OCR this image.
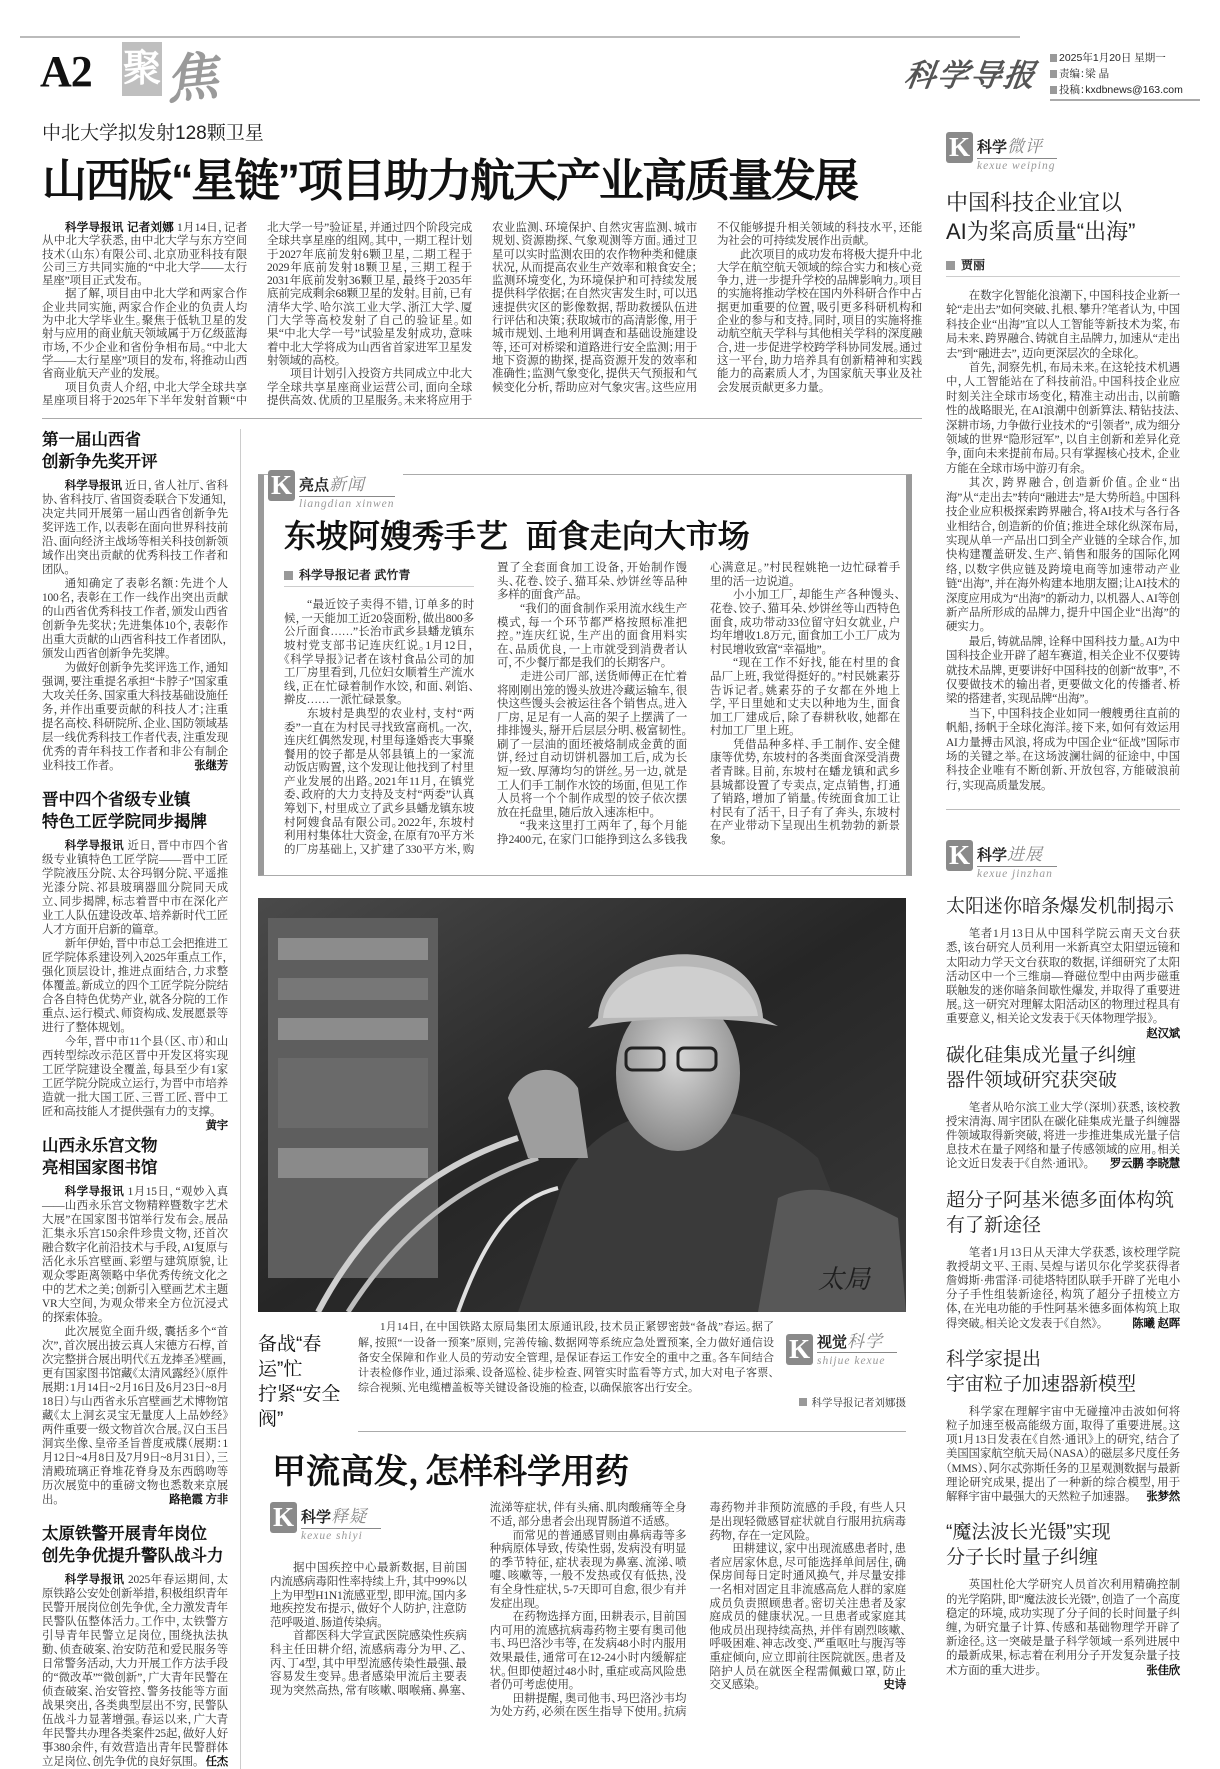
A2 聚 焦	科学导报	2025年1月20日 星期一
责编：梁 晶
投稿：kxdbnews@163.com
中北大学拟发射128颗卫星
山西版“星链”项目助力航天产业高质量发展

科学导报讯 记者刘娜 1月14日，记者从中北大学获悉，由中北大学与东方空间技术（山东）有限公司、北京劢亚科技有限公司三方共同实施的“中北大学——太行星座”项目正式发布。

据了解，项目由中北大学和两家合作企业共同实施，两家合作企业的负责人均为中北大学毕业生。聚焦于低轨卫星的发射与应用的商业航天领域属于万亿级蓝海市场，不少企业和省份争相布局。“中北大学——太行星座”项目的发布，将推动山西省商业航天产业的发展。

项目负责人介绍，中北大学全球共享星座项目将于2025年下半年发射首颗“中北大学一号”验证星，并通过四个阶段完成全球共享星座的组网。其中，一期工程计划于2027年底前发射6颗卫星，二期工程于2029年底前发射18颗卫星，三期工程于2031年底前发射36颗卫星，最终于2035年底前完成剩余68颗卫星的发射。目前，已有清华大学、哈尔滨工业大学、浙江大学、厦门大学等高校发射了自己的验证星。如果“中北大学一号”试验星发射成功，意味着中北大学将成为山西省首家进军卫星发射领域的高校。

项目计划引入投资方共同成立中北大学全球共享星座商业运营公司，面向全球提供高效、优质的卫星服务。未来将应用于农业监测、环境保护、自然灾害监测、城市规划、资源勘探、气象观测等方面。通过卫星可以实时监测农田的农作物种类和健康状况，从而提高农业生产效率和粮食安全；监测环境变化，为环境保护和可持续发展提供科学依据；在自然灾害发生时，可以迅速提供灾区的影像数据，帮助救援队伍进行评估和决策；获取城市的高清影像，用于城市规划、土地利用调查和基础设施建设等，还可对桥梁和道路进行安全监测；用于地下资源的勘探，提高资源开发的效率和准确性；监测气象变化，提供天气预报和气候变化分析，帮助应对气象灾害。这些应用不仅能够提升相关领域的科技水平，还能为社会的可持续发展作出贡献。

此次项目的成功发布将极大提升中北大学在航空航天领域的综合实力和核心竞争力，进一步提升学校的品牌影响力。项目的实施将推动学校在国内外科研合作中占据更加重要的位置，吸引更多科研机构和企业的参与和支持。同时，项目的实施将推动航空航天学科与其他相关学科的深度融合，进一步促进学校跨学科协同发展。通过这一平台，助力培养具有创新精神和实践能力的高素质人才，为国家航天事业及社会发展贡献更多力量。

第一届山西省
创新争先奖开评

科学导报讯 近日，省人社厅、省科协、省科技厅、省国资委联合下发通知，决定共同开展第一届山西省创新争先奖评选工作，以表彰在面向世界科技前沿、面向经济主战场等相关科技创新领域作出突出贡献的优秀科技工作者和团队。

通知确定了表彰名额：先进个人100名，表彰在工作一线作出突出贡献的山西省优秀科技工作者，颁发山西省创新争先奖状；先进集体10个，表彰作出重大贡献的山西省科技工作者团队，颁发山西省创新争先奖牌。

为做好创新争先奖评选工作，通知强调，要注重提名承担“卡脖子”国家重大攻关任务、国家重大科技基础设施任务，并作出重要贡献的科技人才；注重提名高校、科研院所、企业、国防领域基层一线优秀科技工作者代表，注重发现优秀的青年科技工作者和非公有制企业科技工作者。	张继芳

晋中四个省级专业镇
特色工匠学院同步揭牌

科学导报讯 近日，晋中市四个省级专业镇特色工匠学院——晋中工匠学院液压分院、太谷玛钢分院、平遥推光漆分院、祁县玻璃器皿分院同天成立、同步揭牌，标志着晋中市在深化产业工人队伍建设改革、培养新时代工匠人才方面开启新的篇章。

新年伊始，晋中市总工会把推进工匠学院体系建设列入2025年重点工作，强化顶层设计，推进点面结合，力求整体覆盖。新成立的四个工匠学院分院结合各自特色优势产业，就各分院的工作重点、运行模式、师资构成、发展愿景等进行了整体规划。

今年，晋中市11个县（区、市）和山西转型综改示范区晋中开发区将实现工匠学院建设全覆盖，每县至少有1家工匠学院分院成立运行，为晋中市培养造就一批大国工匠、三晋工匠、晋中工匠和高技能人才提供强有力的支撑。
黄宇

山西永乐宫文物
亮相国家图书馆

科学导报讯 1月15日，“观妙入真——山西永乐宫文物精粹暨数字艺术大展”在国家图书馆举行发布会。展品汇集永乐宫150余件珍贵文物，还首次融合数字化前沿技术与手段，AI复原与活化永乐宫壁画、彩塑与建筑原貌，让观众零距离领略中华优秀传统文化之中的艺术之美；创新引入壁画艺术主题VR大空间，为观众带来全方位沉浸式的探索体验。

此次展览全面升级，囊括多个“首次”，首次展出披云真人宋德方石椁，首次完整拼合展出明代《五龙捧圣》壁画，更有国家图书馆藏《太清风露经》（原件展期：1月14日~2月16日及6月23日~8月18日）与山西省永乐宫壁画艺术博物馆藏《太上洞玄灵宝无量度人上品妙经》两件重要一级文物首次合展。汉白玉吕洞宾坐像、皇帝圣旨普度戒牒（展期：1月12日~4月8日及7月9日~8月31日），三清殿琉璃正脊堆花脊身及东西鸱吻等历次展览中的重磅文物也悉数来京展出。	路艳霞 方非

太原铁警开展青年岗位
创先争优提升警队战斗力

科学导报讯 2025年春运期间，太原铁路公安处创新举措，积极组织青年民警开展岗位创先争优，全力激发青年民警队伍整体活力。工作中，太铁警方引导青年民警立足岗位，围绕执法执勤、侦查破案、治安防范和爱民服务等日常警务活动，大力开展工作方法手段的“微改革”“微创新”，广大青年民警在侦查破案、治安管控、警务技能等方面战果突出，各类典型层出不穷，民警队伍战斗力显著增强。春运以来，广大青年民警共办理各类案件25起，做好人好事380余件，有效营造出青年民警群体立足岗位、创先争优的良好氛围。 任杰

K 亮点新闻
liangdian xinwen
东坡阿嫂秀手艺  面食走向大市场
科学导报记者 武竹青

“最近饺子卖得不错，订单多的时候，一天能加工近20袋面粉，做出800多公斤面食……”长治市武乡县蟠龙镇东坡村党支部书记连庆红说。1月12日，《科学导报》记者在该村食品公司的加工厂房里看到，几位妇女顺着生产流水线，正在忙碌着制作水饺，和面、剁馅、擀皮……一派忙碌景象。

东坡村是典型的农业村，支村“两委”一直在为村民寻找致富商机。一次，连庆红偶然发现，村里每逢婚丧大事聚餐用的饺子都是从邻县镇上的一家流动饭店购置，这个发现让他找到了村里产业发展的出路。2021年11月，在镇党委、政府的大力支持及支村“两委”认真筹划下，村里成立了武乡县蟠龙镇东坡村阿嫂食品有限公司。2022年，东坡村利用村集体壮大资金，在原有70平方米的厂房基础上，又扩建了330平方米，购置了全套面食加工设备，开始制作馒头、花卷、饺子、猫耳朵、炒饼丝等品种多样的面食产品。

“我们的面食制作采用流水线生产模式，每一个环节都严格按照标准把控。”连庆红说，生产出的面食用料实在、品质优良，一上市就受到消费者认可，不少餐厅都是我们的长期客户。

走进公司厂部，送货师傅正在忙着将刚刚出笼的馒头放进冷藏运输车，很快这些馒头会被运往各个销售点。进入厂房，足足有一人高的架子上摆满了一排排馒头，掰开后层层分明、极富韧性。刷了一层油的面坯被烙制成金黄的面饼，经过自动切饼机器加工后，成为长短一致、厚薄均匀的饼丝。另一边，就是工人们手工制作水饺的场面，但见工作人员将一个个制作成型的饺子依次摆放在托盘里，随后放入速冻柜中。

“我来这里打工两年了，每个月能挣2400元，在家门口能挣到这么多钱我心满意足。”村民程姚艳一边忙碌着手里的活一边说道。

小小加工厂，却能生产各种馒头、花卷、饺子、猫耳朵、炒饼丝等山西特色面食，成功带动33位留守妇女就业，户均年增收1.8万元，面食加工小工厂成为村民增收致富“幸福地”。

“现在工作不好找，能在村里的食品厂上班，我觉得挺好的。”村民姚素芬告诉记者。姚素芬的子女都在外地上学，平日里她和丈夫以种地为生，面食加工厂建成后，除了春耕秋收，她都在村加工厂里上班。

凭借品种多样、手工制作、安全健康等优势，东坡村的各类面食深受消费者青睐。目前，东坡村在蟠龙镇和武乡县城都设置了专卖点，定点销售，打通了销路，增加了销量。传统面食加工让村民有了活干，日子有了奔头，东坡村在产业带动下呈现出生机勃勃的新景象。

太局
备战“春运”忙
拧紧“安全阀”
K 视觉科学
shijue kexue

1月14日，在中国铁路太原局集团太原通讯段，技术员正紧锣密鼓“备战”春运。据了解，按照“一设备一预案”原则，完善传输、数据网等系统应急处置预案，全力做好通信设备安全保障和作业人员的劳动安全管理，是保证春运工作安全的重中之重。各车间结合计表检修作业，通过添乘、设备巡检、徒步检查、网管实时监看等方式，加大对电子客票、综合视频、光电缆槽盖板等关键设备设施的检查，以确保旅客出行安全。

科学导报记者刘娜摄
甲流高发，怎样科学用药
K 科学释疑
kexue shiyi

据中国疾控中心最新数据，目前国内流感病毒阳性率持续上升，其中99%以上为甲型H1N1流感亚型，即甲流。国内多地疾控发布提示，做好个人防护，注意防范呼吸道、肠道传染病。

首都医科大学宣武医院感染性疾病科主任田耕介绍，流感病毒分为甲、乙、丙、丁4型，其中甲型流感传染性最强、最容易发生变异。患者感染甲流后主要表现为突然高热，常有咳嗽、咽喉痛、鼻塞、流涕等症状，伴有头痛、肌肉酸痛等全身不适，部分患者会出现胃肠道不适感。

而常见的普通感冒则由鼻病毒等多种病原体导致，传染性弱，发病没有明显的季节特征，症状表现为鼻塞、流涕、喷嚏、咳嗽等，一般不发热或仅有低热，没有全身性症状，5-7天即可自愈，很少有并发症出现。

在药物选择方面，田耕表示，目前国内可用的流感抗病毒药物主要有奥司他韦、玛巴洛沙韦等，在发病48小时内服用效果最佳，通常可在12-24小时内缓解症状。但即使超过48小时，重症或高风险患者仍可考虑使用。

田耕提醒，奥司他韦、玛巴洛沙韦均为处方药，必须在医生指导下使用。抗病毒药物并非预防流感的手段，有些人只是出现轻微感冒症状就自行服用抗病毒药物，存在一定风险。

田耕建议，家中出现流感患者时，患者应居家休息，尽可能选择单间居住，确保房间每日定时通风换气，并尽量安排一名相对固定且非流感高危人群的家庭成员负责照顾患者。密切关注患者及家庭成员的健康状况。一旦患者或家庭其他成员出现持续高热，并伴有剧烈咳嗽、呼吸困难、神志改变、严重呕吐与腹泻等重症倾向，应立即前往医院就医。患者及陪护人员在就医全程需佩戴口罩，防止交叉感染。	史诗

K 科学微评
kexue weiping
中国科技企业宜以
AI为桨高质量“出海”
贾丽

在数字化智能化浪潮下，中国科技企业新一轮“走出去”如何突破、扎根、攀升？笔者认为，中国科技企业“出海”宜以人工智能等新技术为桨，布局未来、跨界融合、铸就自主品牌力，加速从“走出去”到“融进去”，迈向更深层次的全球化。

首先，洞察先机，布局未来。在这轮技术机遇中，人工智能站在了科技前沿。中国科技企业应时刻关注全球市场变化，精准主动出击，以前瞻性的战略眼光，在AI浪潮中创新算法、精钻技法、深耕市场，力争做行业技术的“引领者”，成为细分领域的世界“隐形冠军”，以自主创新和差异化竞争，面向未来提前布局。只有掌握核心技术，企业方能在全球市场中游刃有余。

其次，跨界融合，创造新价值。企业“出海”从“走出去”转向“融进去”是大势所趋。中国科技企业应积极探索跨界融合，将AI技术与各行各业相结合，创造新的价值；推进全球化纵深布局，实现从单一产品出口到全产业链的全球合作，加快构建覆盖研发、生产、销售和服务的国际化网络，以数字供应链及跨境电商等加速带动产业链“出海”，并在海外构建本地朋友圈；让AI技术的深度应用成为“出海”的新动力，以机器人、AI等创新产品所形成的品牌力，提升中国企业“出海”的硬实力。

最后，铸就品牌，诠释中国科技力量。AI为中国科技企业开辟了超车赛道，相关企业不仅要铸就技术品牌，更要讲好中国科技的创新“故事”，不仅要做技术的输出者，更要做文化的传播者、桥梁的搭建者，实现品牌“出海”。

当下，中国科技企业如同一艘艘勇往直前的帆船，扬帆于全球化海洋。接下来，如何有效运用AI力量搏击风浪，将成为中国企业“征战”国际市场的关键之举。在这场波澜壮阔的征途中，中国科技企业唯有不断创新、开放包容，方能破浪前行，实现高质量发展。

K 科学进展
kexue jinzhan
太阳迷你暗条爆发机制揭示

笔者1月13日从中国科学院云南天文台获悉，该台研究人员利用一米新真空太阳望远镜和太阳动力学天文台获取的数据，详细研究了太阳活动区中一个三维扇—脊磁位型中由两步磁重联触发的迷你暗条间歇性爆发，并取得了重要进展。这一研究对理解太阳活动区的物理过程具有重要意义，相关论文发表于《天体物理学报》。
赵汉斌

碳化硅集成光量子纠缠
器件领域研究获突破

笔者从哈尔滨工业大学（深圳）获悉，该校教授宋清海、周宇团队在碳化硅集成光量子纠缠器件领域取得新突破，将进一步推进集成光量子信息技术在量子网络和量子传感领域的应用。相关论文近日发表于《自然·通讯》。 罗云鹏 李晓慧

超分子阿基米德多面体构筑
有了新途径

笔者1月13日从天津大学获悉，该校理学院教授胡文平、王雨、吴煌与诺贝尔化学奖获得者詹姆斯·弗雷泽·司徒塔特团队联手开辟了光电小分子手性组装新途径，构筑了超分子扭棱立方体，在光电功能的手性阿基米德多面体构筑上取得突破。相关论文发表于《自然》。	陈曦 赵晖

科学家提出
宇宙粒子加速器新模型

科学家在理解宇宙中无碰撞冲击波如何将粒子加速至极高能级方面，取得了重要进展。这项1月13日发表在《自然·通讯》上的研究，结合了美国国家航空航天局（NASA）的磁层多尺度任务（MMS）、阿尔忒弥斯任务的卫星观测数据与最新理论研究成果，提出了一种新的综合模型，用于解释宇宙中最强大的天然粒子加速器。 张梦然

“魔法波长光镊”实现
分子长时量子纠缠

英国杜伦大学研究人员首次利用精确控制的光学陷阱，即“魔法波长光镊”，创造了一个高度稳定的环境，成功实现了分子间的长时间量子纠缠，为研究量子计算、传感和基础物理学开辟了新途径。这一突破是量子科学领域一系列进展中的最新成果，标志着在利用分子开发复杂量子技术方面的重大进步。	张佳欣
